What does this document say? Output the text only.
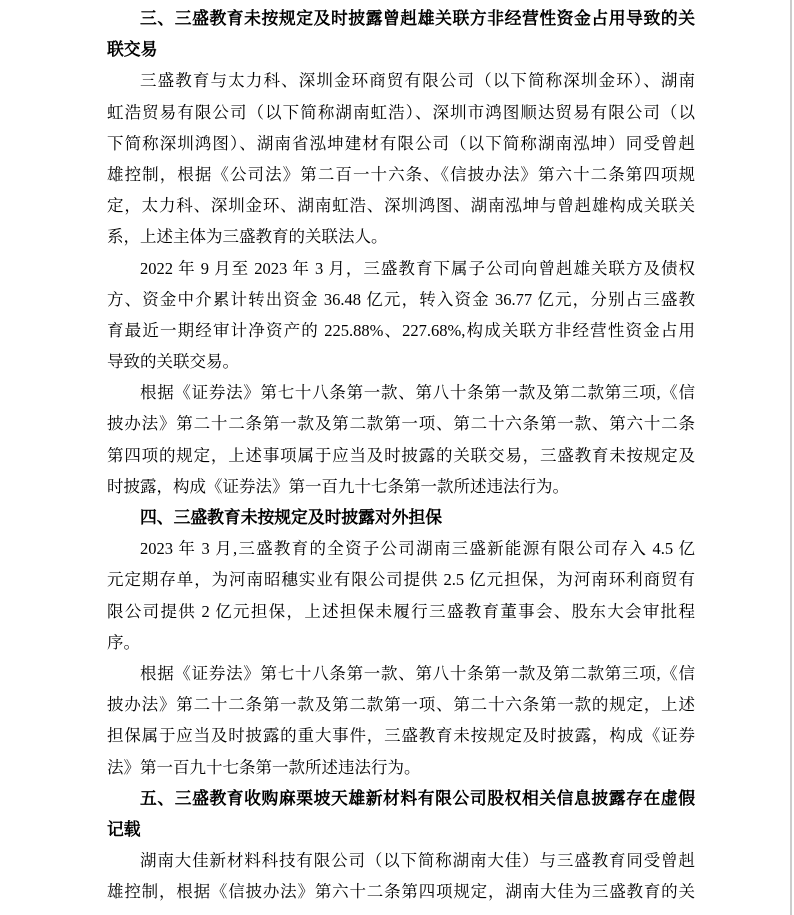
三、三盛教育未按规定及时披露曾赳雄关联方非经营性资金占用导致的关
联交易
三盛教育与太力科、深圳金环商贸有限公司（以下简称深圳金环）、湖南
虹浩贸易有限公司（以下简称湖南虹浩）、深圳市鸿图顺达贸易有限公司（以
下简称深圳鸿图）、湖南省泓坤建材有限公司（以下简称湖南泓坤）同受曾赳
雄控制，根据《公司法》第二百一十六条、《信披办法》第六十二条第四项规
定，太力科、深圳金环、湖南虹浩、深圳鸿图、湖南泓坤与曾赳雄构成关联关
系，上述主体为三盛教育的关联法人。
2022 年 9 月至 2023 年 3 月，三盛教育下属子公司向曾赳雄关联方及债权
方、资金中介累计转出资金 36.48 亿元，转入资金 36.77 亿元，分别占三盛教
育最近一期经审计净资产的 225.88%、227.68%,构成关联方非经营性资金占用
导致的关联交易。
根据《证券法》第七十八条第一款、第八十条第一款及第二款第三项,《信
披办法》第二十二条第一款及第二款第一项、第二十六条第一款、第六十二条
第四项的规定，上述事项属于应当及时披露的关联交易，三盛教育未按规定及
时披露，构成《证券法》第一百九十七条第一款所述违法行为。
四、三盛教育未按规定及时披露对外担保
2023 年 3 月,三盛教育的全资子公司湖南三盛新能源有限公司存入 4.5 亿
元定期存单，为河南昭穗实业有限公司提供 2.5 亿元担保，为河南环利商贸有
限公司提供 2 亿元担保，上述担保未履行三盛教育董事会、股东大会审批程
序。
根据《证券法》第七十八条第一款、第八十条第一款及第二款第三项,《信
披办法》第二十二条第一款及第二款第一项、第二十六条第一款的规定，上述
担保属于应当及时披露的重大事件，三盛教育未按规定及时披露，构成《证券
法》第一百九十七条第一款所述违法行为。
五、三盛教育收购麻栗坡天雄新材料有限公司股权相关信息披露存在虚假
记载
湖南大佳新材料科技有限公司（以下简称湖南大佳）与三盛教育同受曾赳
雄控制，根据《信披办法》第六十二条第四项规定，湖南大佳为三盛教育的关
